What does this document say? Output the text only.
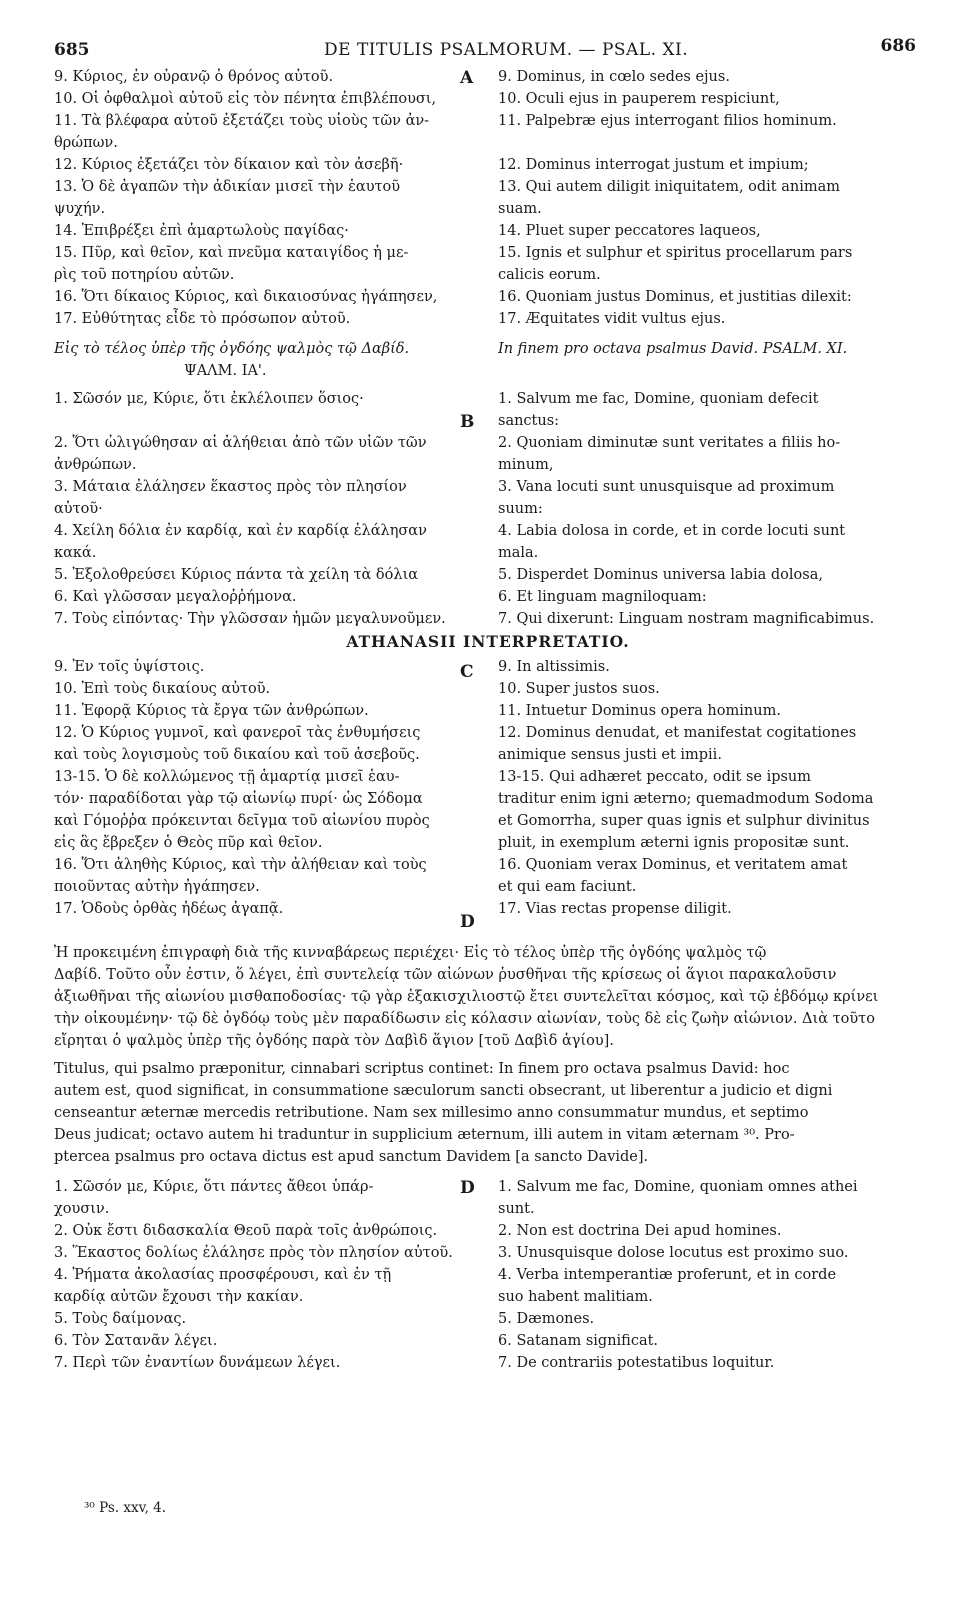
685	DE TITULIS PSALMORUM. — PSAL. XI.	686
9. Κύριος, ἐν οὐρανῷ ὁ θρόνος αὐτοῦ.
10. Οἱ ὀφθαλμοὶ αὐτοῦ εἰς τὸν πένητα ἐπιβλέπουσι,
11. Τὰ βλέφαρα αὐτοῦ ἐξετάζει τοὺς υἱοὺς τῶν ἀν-
θρώπων.
12. Κύριος ἐξετάζει τὸν δίκαιον καὶ τὸν ἀσεβῆ·
13. Ὁ δὲ ἀγαπῶν τὴν ἀδικίαν μισεῖ τὴν ἑαυτοῦ
ψυχήν.
14. Ἐπιβρέξει ἐπὶ ἁμαρτωλοὺς παγίδας·
15. Πῦρ, καὶ θεῖον, καὶ πνεῦμα καταιγίδος ἡ με-
ρὶς τοῦ ποτηρίου αὐτῶν.
16. Ὅτι δίκαιος Κύριος, καὶ δικαιοσύνας ἠγάπησεν,
17. Εὐθύτητας εἶδε τὸ πρόσωπον αὐτοῦ.
9. Dominus, in cœlo sedes ejus.
10. Oculi ejus in pauperem respiciunt,
11. Palpebræ ejus interrogant filios hominum.
12. Dominus interrogat justum et impium;
13. Qui autem diligit iniquitatem, odit animam
suam.
14. Pluet super peccatores laqueos,
15. Ignis et sulphur et spiritus procellarum pars
calicis eorum.
16. Quoniam justus Dominus, et justitias dilexit:
17. Æquitates vidit vultus ejus.
A
Εἰς τὸ τέλος ὑπὲρ τῆς ὀγδόης ψαλμὸς τῷ Δαβίδ.
ΨΑΛΜ. ΙΑ'.
In finem pro octava psalmus David. PSALM. XI.
1. Σῶσόν με, Κύριε, ὅτι ἐκλέλοιπεν ὅσιος·
2. Ὅτι ὠλιγώθησαν αἱ ἀλήθειαι ἀπὸ τῶν υἱῶν τῶν
ἀνθρώπων.
3. Μάταια ἐλάλησεν ἕκαστος πρὸς τὸν πλησίον
αὐτοῦ·
4. Χείλη δόλια ἐν καρδίᾳ, καὶ ἐν καρδίᾳ ἐλάλησαν
κακά.
5. Ἐξολοθρεύσει Κύριος πάντα τὰ χείλη τὰ δόλια
6. Καὶ γλῶσσαν μεγαλοῤῥήμονα.
7. Τοὺς εἰπόντας· Τὴν γλῶσσαν ἡμῶν μεγαλυνοῦμεν.
1. Salvum me fac, Domine, quoniam defecit
sanctus:
2. Quoniam diminutæ sunt veritates a filiis ho-
minum,
3. Vana locuti sunt unusquisque ad proximum
suum:
4. Labia dolosa in corde, et in corde locuti sunt
mala.
5. Disperdet Dominus universa labia dolosa,
6. Et linguam magniloquam:
7. Qui dixerunt: Linguam nostram magnificabimus.
B
ATHANASII INTERPRETATIO.
9. Ἐν τοῖς ὑψίστοις.
10. Ἐπὶ τοὺς δικαίους αὐτοῦ.
11. Ἐφορᾷ Κύριος τὰ ἔργα τῶν ἀνθρώπων.
12. Ὁ Κύριος γυμνοῖ, καὶ φανεροῖ τὰς ἐνθυμήσεις
καὶ τοὺς λογισμοὺς τοῦ δικαίου καὶ τοῦ ἀσεβοῦς.
13-15. Ὁ δὲ κολλώμενος τῇ ἁμαρτίᾳ μισεῖ ἑαυ-
τόν· παραδίδοται γὰρ τῷ αἰωνίῳ πυρί· ὡς Σόδομα
καὶ Γόμοῤῥα πρόκεινται δεῖγμα τοῦ αἰωνίου πυρὸς
εἰς ἃς ἔβρεξεν ὁ Θεὸς πῦρ καὶ θεῖον.
16. Ὅτι ἀληθὴς Κύριος, καὶ τὴν ἀλήθειαν καὶ τοὺς
ποιοῦντας αὐτὴν ἠγάπησεν.
17. Ὁδοὺς ὀρθὰς ἠδέως ἀγαπᾷ.
9. In altissimis.
10. Super justos suos.
11. Intuetur Dominus opera hominum.
12. Dominus denudat, et manifestat cogitationes
animique sensus justi et impii.
13-15. Qui adhæret peccato, odit se ipsum
traditur enim igni æterno; quemadmodum Sodoma
et Gomorrha, super quas ignis et sulphur divinitus
pluit, in exemplum æterni ignis propositæ sunt.
16. Quoniam verax Dominus, et veritatem amat
et qui eam faciunt.
17. Vias rectas propense diligit.
C
D
Ἡ προκειμένη ἐπιγραφὴ διὰ τῆς κινναβάρεως περιέχει· Εἰς τὸ τέλος ὑπὲρ τῆς ὀγδόης ψαλμὸς τῷ
Δαβίδ. Τοῦτο οὖν ἐστιν, ὅ λέγει, ἐπὶ συντελείᾳ τῶν αἰώνων ῥυσθῆναι τῆς κρίσεως οἱ ἅγιοι παρακαλοῦσιν
ἀξιωθῆναι τῆς αἰωνίου μισθαποδοσίας· τῷ γὰρ ἑξακισχιλιοστῷ ἔτει συντελεῖται κόσμος, καὶ τῷ ἑβδόμῳ κρίνει
τὴν οἰκουμένην· τῷ δὲ ὀγδόῳ τοὺς μὲν παραδίδωσιν εἰς κόλασιν αἰωνίαν, τοὺς δὲ εἰς ζωὴν αἰώνιον. Διὰ τοῦτο
εἴρηται ὁ ψαλμὸς ὑπὲρ τῆς ὀγδόης παρὰ τὸν Δαβὶδ ἅγιον [τοῦ Δαβὶδ ἁγίου].
Titulus, qui psalmo præponitur, cinnabari scriptus continet: In finem pro octava psalmus David: hoc
autem est, quod significat, in consummatione sæculorum sancti obsecrant, ut liberentur a judicio et digni
censeantur æternæ mercedis retributione. Nam sex millesimo anno consummatur mundus, et septimo
Deus judicat; octavo autem hi traduntur in supplicium æternum, illi autem in vitam æternam ³⁰. Pro-
ptercea psalmus pro octava dictus est apud sanctum Davidem [a sancto Davide].
1. Σῶσόν με, Κύριε, ὅτι πάντες ἄθεοι ὑπάρ-
χουσιν.
2. Οὐκ ἔστι διδασκαλία Θεοῦ παρὰ τοῖς ἀνθρώποις.
3. Ἕκαστος δολίως ἐλάλησε πρὸς τὸν πλησίον αὐτοῦ.
4. Ῥήματα ἀκολασίας προσφέρουσι, καὶ ἐν τῇ
καρδίᾳ αὐτῶν ἔχουσι τὴν κακίαν.
5. Τοὺς δαίμονας.
6. Τὸν Σατανᾶν λέγει.
7. Περὶ τῶν ἐναντίων δυνάμεων λέγει.
1. Salvum me fac, Domine, quoniam omnes athei
sunt.
2. Non est doctrina Dei apud homines.
3. Unusquisque dolose locutus est proximo suo.
4. Verba intemperantiæ proferunt, et in corde
suo habent malitiam.
5. Dæmones.
6. Satanam significat.
7. De contrariis potestatibus loquitur.
D
³⁰ Ps. xxv, 4.
